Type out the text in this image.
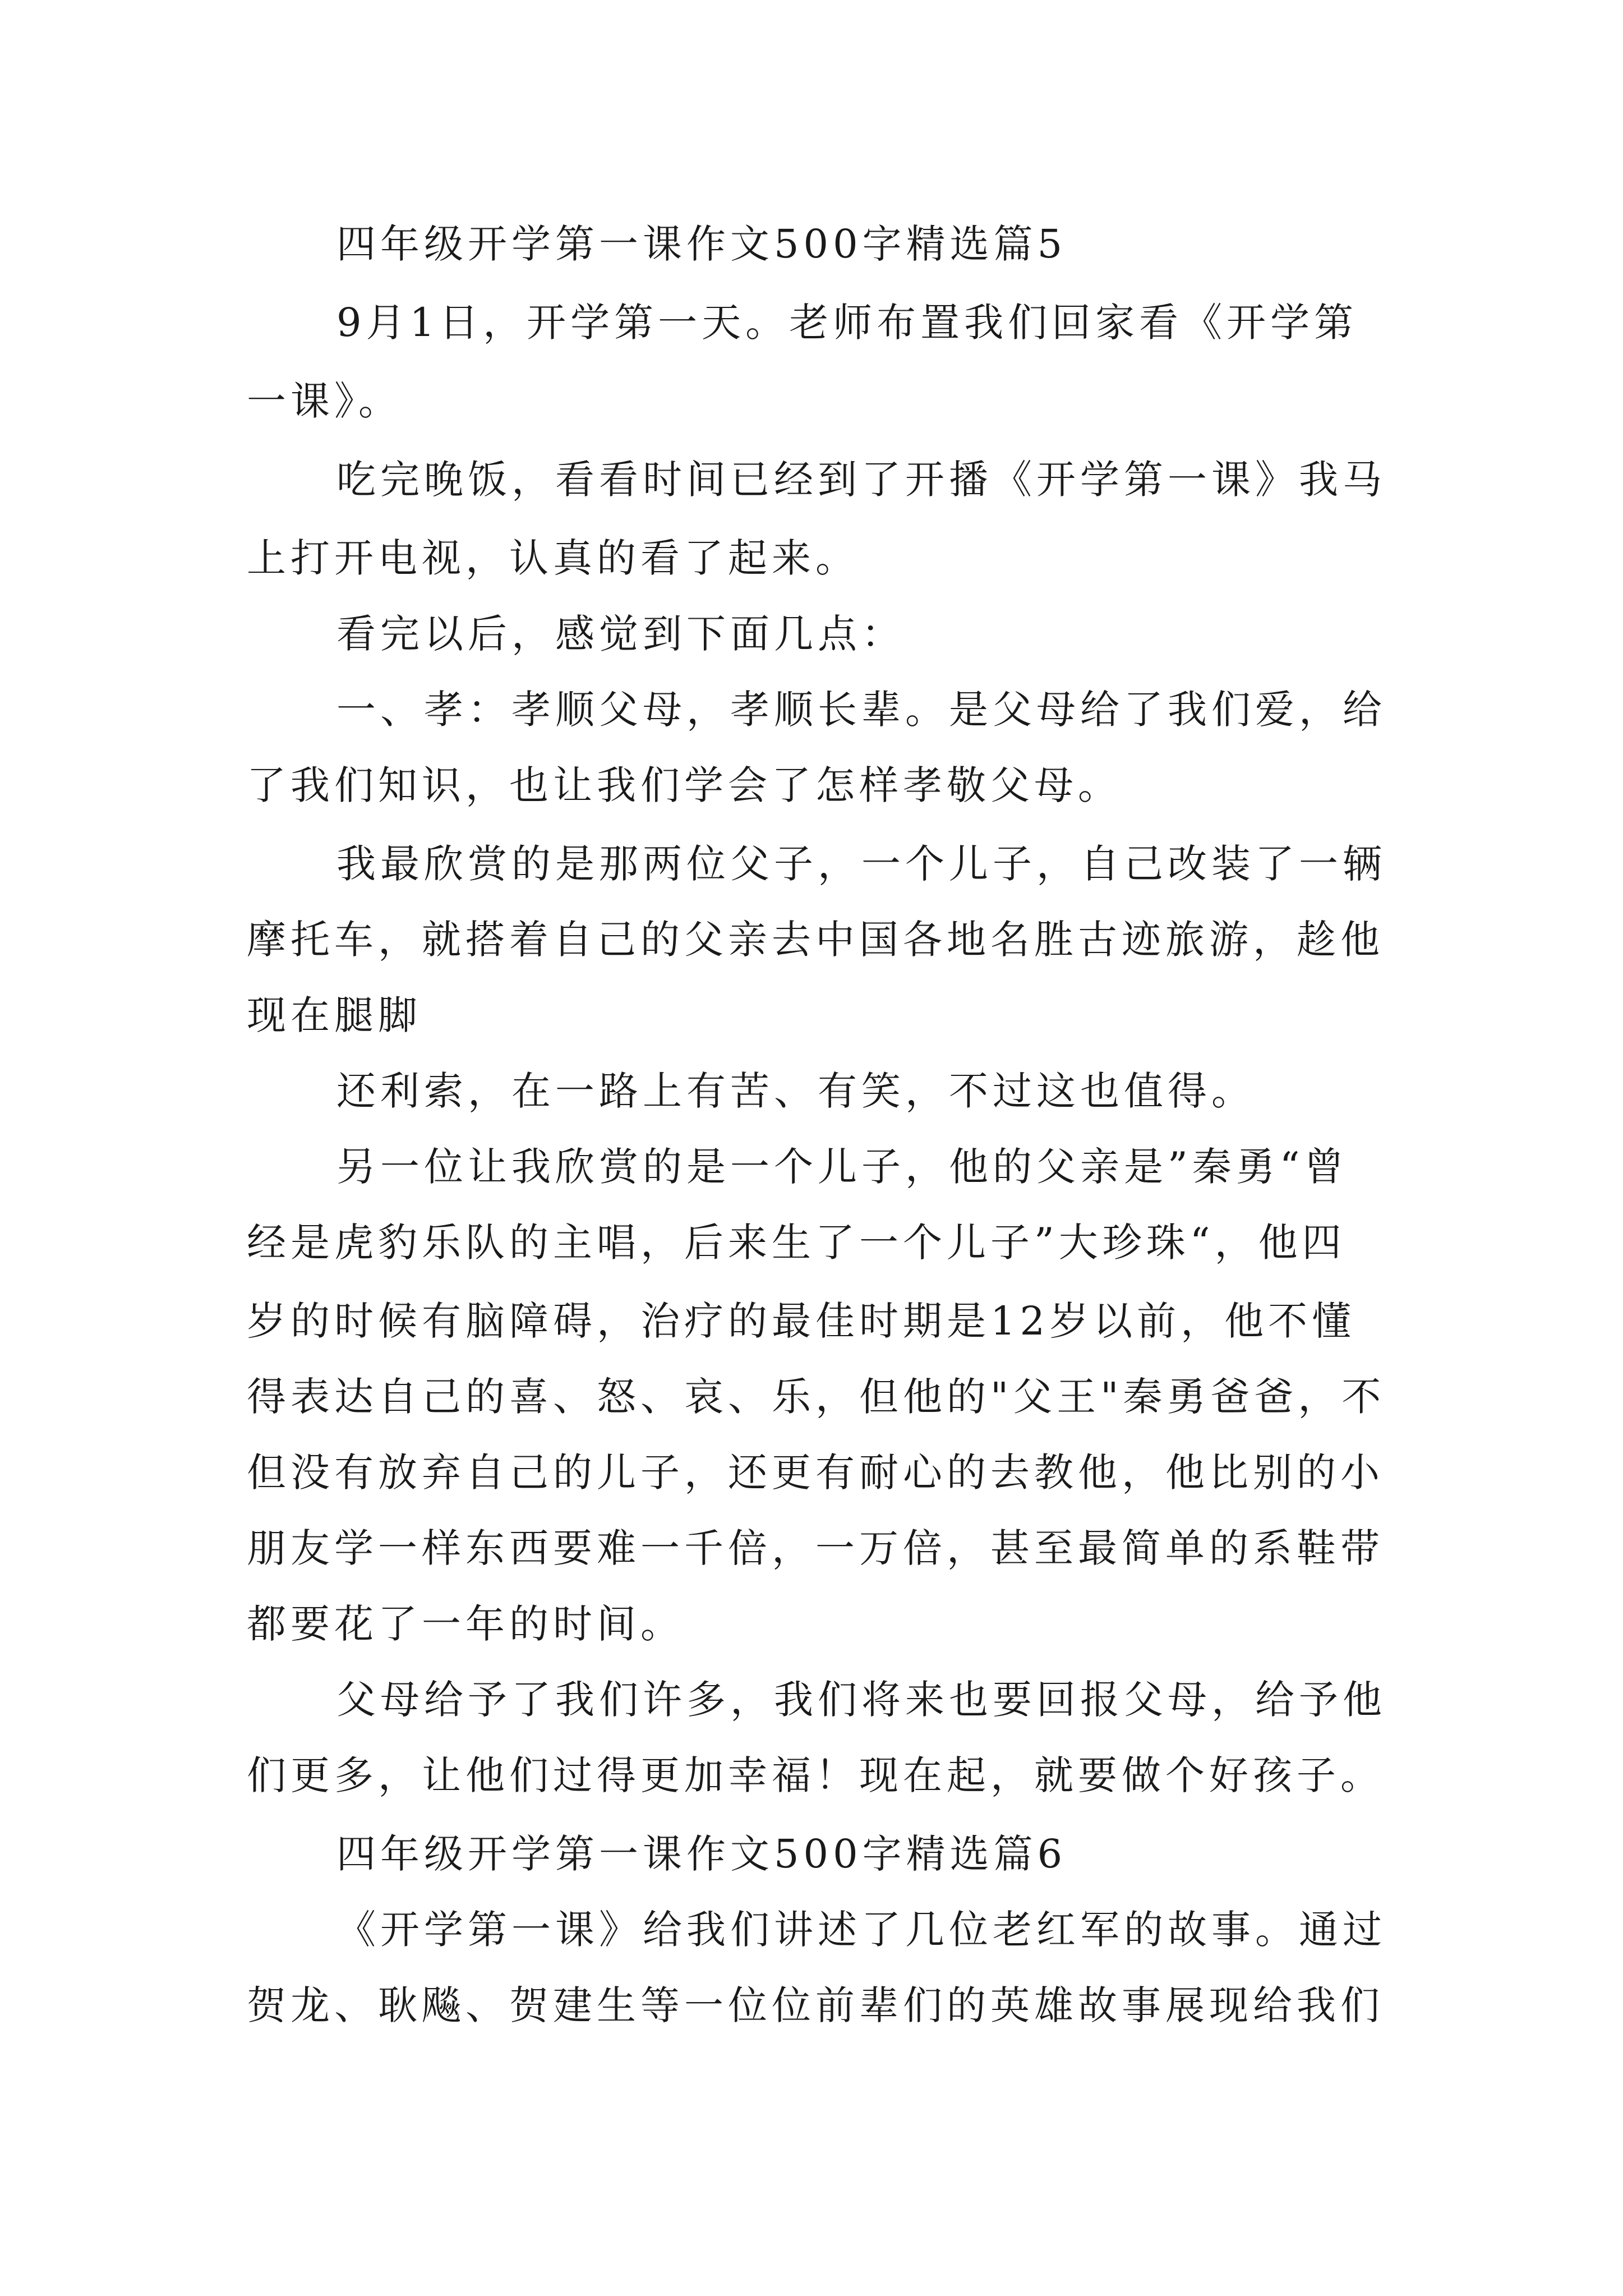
四年级开学第一课作文500字精选篇5

9月1日，开学第一天。老师布置我们回家看《开学第

一课》。

吃完晚饭，看看时间已经到了开播《开学第一课》我马

上打开电视，认真的看了起来。

看完以后，感觉到下面几点：

一、孝：孝顺父母，孝顺长辈。是父母给了我们爱，给

了我们知识，也让我们学会了怎样孝敬父母。

我最欣赏的是那两位父子，一个儿子，自己改装了一辆

摩托车，就搭着自己的父亲去中国各地名胜古迹旅游，趁他

现在腿脚

还利索，在一路上有苦、有笑，不过这也值得。

另一位让我欣赏的是一个儿子，他的父亲是”秦勇“曾

经是虎豹乐队的主唱，后来生了一个儿子”大珍珠“，他四

岁的时候有脑障碍，治疗的最佳时期是12岁以前，他不懂

得表达自己的喜、怒、哀、乐，但他的"父王"秦勇爸爸，不

但没有放弃自己的儿子，还更有耐心的去教他，他比别的小

朋友学一样东西要难一千倍，一万倍，甚至最简单的系鞋带

都要花了一年的时间。

父母给予了我们许多，我们将来也要回报父母，给予他

们更多，让他们过得更加幸福！现在起，就要做个好孩子。

四年级开学第一课作文500字精选篇6

《开学第一课》给我们讲述了几位老红军的故事。通过

贺龙、耿飚、贺建生等一位位前辈们的英雄故事展现给我们
